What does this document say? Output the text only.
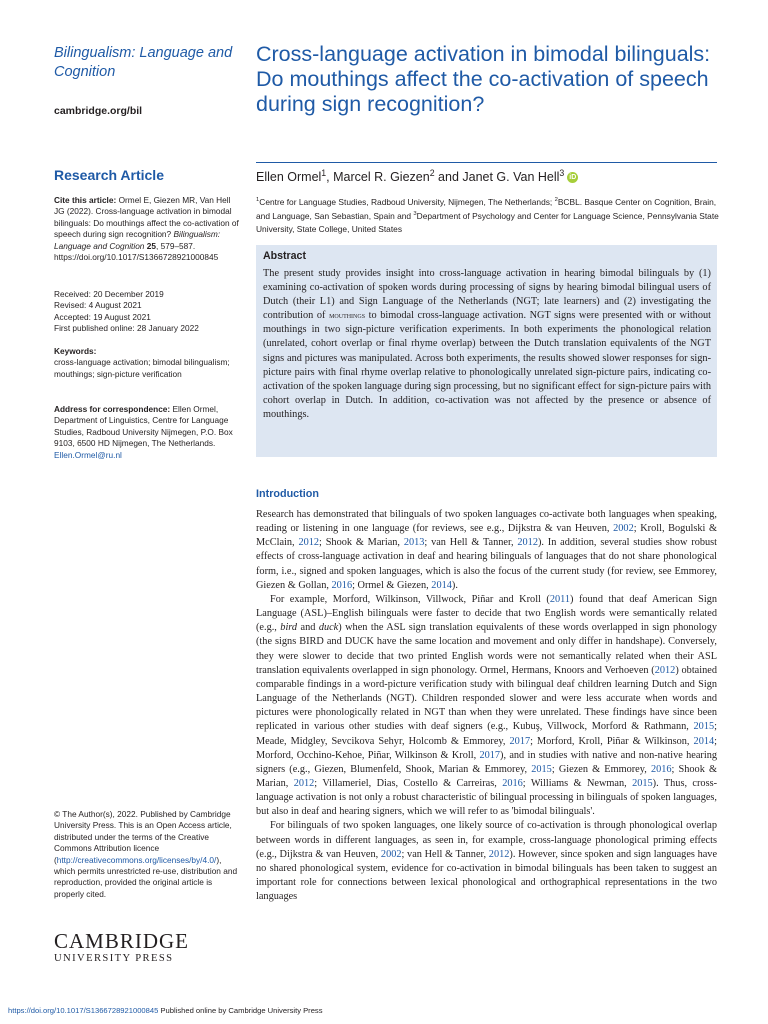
Bilingualism: Language and Cognition
cambridge.org/bil
Research Article
Cite this article: Ormel E, Giezen MR, Van Hell JG (2022). Cross-language activation in bimodal bilinguals: Do mouthings affect the co-activation of speech during sign recognition? Bilingualism: Language and Cognition 25, 579–587. https://doi.org/10.1017/S1366728921000845
Received: 20 December 2019
Revised: 4 August 2021
Accepted: 19 August 2021
First published online: 28 January 2022
Keywords:
cross-language activation; bimodal bilingualism; mouthings; sign-picture verification
Address for correspondence: Ellen Ormel, Department of Linguistics, Centre for Language Studies, Radboud University Nijmegen, P.O. Box 9103, 6500 HD Nijmegen, The Netherlands. Ellen.Ormel@ru.nl
© The Author(s), 2022. Published by Cambridge University Press. This is an Open Access article, distributed under the terms of the Creative Commons Attribution licence (http://creativecommons.org/licenses/by/4.0/), which permits unrestricted re-use, distribution and reproduction, provided the original article is properly cited.
CAMBRIDGE
UNIVERSITY PRESS
https://doi.org/10.1017/S1366728921000845 Published online by Cambridge University Press
Cross-language activation in bimodal bilinguals: Do mouthings affect the co-activation of speech during sign recognition?
Ellen Ormel$^1$, Marcel R. Giezen$^2$ and Janet G. Van Hell$^3$ iD
$^1$Centre for Language Studies, Radboud University, Nijmegen, The Netherlands; $^2$BCBL. Basque Center on Cognition, Brain, and Language, San Sebastian, Spain and $^3$Department of Psychology and Center for Language Science, Pennsylvania State University, State College, United States
Abstract
The present study provides insight into cross-language activation in hearing bimodal bilinguals by (1) examining co-activation of spoken words during processing of signs by hearing bimodal bilingual users of Dutch (their L1) and Sign Language of the Netherlands (NGT; late learners) and (2) investigating the contribution of mouthings to bimodal cross-language activation. NGT signs were presented with or without mouthings in two sign-picture verification experiments. In both experiments the phonological relation (unrelated, cohort overlap or final rhyme overlap) between the Dutch translation equivalents of the NGT signs and pictures was manipulated. Across both experiments, the results showed slower responses for sign-picture pairs with final rhyme overlap relative to phonologically unrelated sign-picture pairs, indicating co-activation of the spoken language during sign processing, but no significant effect for sign-picture pairs with cohort overlap in Dutch. In addition, co-activation was not affected by the presence or absence of mouthings.
Introduction

Research has demonstrated that bilinguals of two spoken languages co-activate both languages when speaking, reading or listening in one language (for reviews, see e.g., Dijkstra & van Heuven, 2002; Kroll, Bogulski & McClain, 2012; Shook & Marian, 2013; van Hell & Tanner, 2012). In addition, several studies show robust effects of cross-language activation in deaf and hearing bilinguals of languages that do not share phonological form, i.e., signed and spoken languages, which is also the focus of the current study (for review, see Emmorey, Giezen & Gollan, 2016; Ormel & Giezen, 2014).

For example, Morford, Wilkinson, Villwock, Piñar and Kroll (2011) found that deaf American Sign Language (ASL)–English bilinguals were faster to decide that two English words were semantically related (e.g., bird and duck) when the ASL sign translation equivalents of these words overlapped in sign phonology (the signs BIRD and DUCK have the same location and movement and only differ in handshape). Conversely, they were slower to decide that two printed English words were not semantically related when their ASL translation equivalents overlapped in sign phonology. Ormel, Hermans, Knoors and Verhoeven (2012) obtained comparable findings in a word-picture verification study with bilingual deaf children learning Dutch and Sign Language of the Netherlands (NGT). Children responded slower and were less accurate when words and pictures were phonologically related in NGT than when they were unrelated. These findings have since been replicated in various other studies with deaf signers (e.g., Kubuş, Villwock, Morford & Rathmann, 2015; Meade, Midgley, Sevcikova Sehyr, Holcomb & Emmorey, 2017; Morford, Kroll, Piñar & Wilkinson, 2014; Morford, Occhino-Kehoe, Piñar, Wilkinson & Kroll, 2017), and in studies with native and non-native hearing signers (e.g., Giezen, Blumenfeld, Shook, Marian & Emmorey, 2015; Giezen & Emmorey, 2016; Shook & Marian, 2012; Villameriel, Dias, Costello & Carreiras, 2016; Williams & Newman, 2015). Thus, cross-language activation is not only a robust characteristic of bilingual processing in bilinguals of spoken languages, but also in deaf and hearing signers, which we will refer to as 'bimodal bilinguals'.

For bilinguals of two spoken languages, one likely source of co-activation is through phonological overlap between words in different languages, as seen in, for example, cross-language phonological priming effects (e.g., Dijkstra & van Heuven, 2002; van Hell & Tanner, 2012). However, since spoken and sign languages have no shared phonological system, evidence for co-activation in bimodal bilinguals has been taken to suggest an important role for connections between lexical phonological and orthographical representations in the two languages
